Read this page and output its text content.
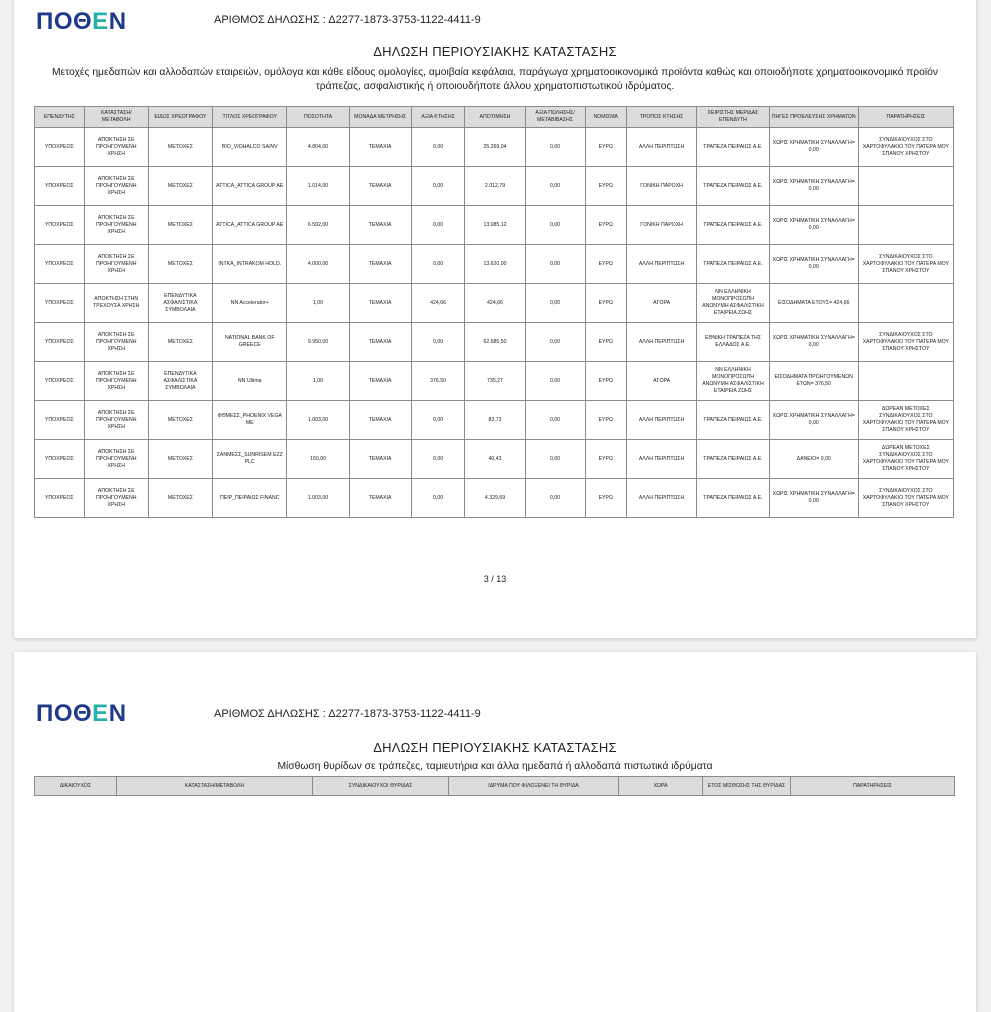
ΠΟΘΕΝ	ΑΡΙΘΜΟΣ ΔΗΛΩΣΗΣ : Δ2277-1873-3753-1122-4411-9
ΔΗΛΩΣΗ ΠΕΡΙΟΥΣΙΑΚΗΣ ΚΑΤΑΣΤΑΣΗΣ
Μετοχές ημεδαπών και αλλοδαπών εταιρειών, ομόλογα και κάθε είδους ομολογίες, αμοιβαία κεφάλαια, παράγωγα χρηματοοικονομικά προϊόντα καθώς και οποιοδήποτε χρηματοοικονομικό προϊόν τράπεζας, ασφαλιστικής ή οποιουδήποτε άλλου χρηματοπιστωτικού ιδρύματος.
ΕΠΕΝΔΥΤΗΣ	ΚΑΤΑΣΤΑΣΗ/ ΜΕΤΑΒΟΛΗ	ΕΙΔΟΣ ΧΡΕΟΓΡΑΦΟΥ	ΤΙΤΛΟΣ ΧΡΕΟΓΡΑΦΟΥ	ΠΟΣΟΤΗΤΑ	ΜΟΝΑΔΑ ΜΕΤΡΗΣΗΣ	ΑΞΙΑ ΚΤΗΣΗΣ	ΑΠΟΤΙΜΗΣΗ	ΑΞΙΑ ΠΩΛΗΣΗΣ/ ΜΕΤΑΒΙΒΑΣΗΣ	ΝΟΜΙΣΜΑ	ΤΡΟΠΟΣ ΚΤΗΣΗΣ	ΧΕΙΡΙΣΤΗΣ ΜΕΡΙΔΑΣ ΕΠΕΝΔΥΤΗ	ΠΗΓΕΣ ΠΡΟΕΛΕΥΣΗΣ ΧΡΗΜΑΤΩΝ	ΠΑΡΑΤΗΡΗΣΕΙΣ
ΥΠΟΧΡΕΟΣ	ΑΠΟΚΤΗΣΗ ΣΕ ΠΡΟΗΓΟΥΜΕΝΗ ΧΡΗΣΗ	ΜΕΤΟΧΕΣ	ΒΙΟ_VIOHALCO SA/NV	4.804,00	ΤΕΜΑΧΙΑ	0,00	25.269,04	0,00	ΕΥΡΩ	ΑΛΛΗ ΠΕΡΙΠΤΩΣΗ	ΤΡΑΠΕΖΑ ΠΕΙΡΑΙΩΣ Α.Ε.	ΧΩΡΙΣ ΧΡΗΜΑΤΙΚΗ ΣΥΝΑΛΛΑΓΗ= 0,00	ΣΥΝΔΙΚΑΙΟΥΧΟΣ ΣΤΟ ΧΑΡΤΟΦΥΛΑΚΙΟ ΤΟΥ ΠΑΤΕΡΑ ΜΟΥ ΣΠΑΝΟΥ ΧΡΗΣΤΟΥ
ΥΠΟΧΡΕΟΣ	ΑΠΟΚΤΗΣΗ ΣΕ ΠΡΟΗΓΟΥΜΕΝΗ ΧΡΗΣΗ	ΜΕΤΟΧΕΣ	ATTICA_ATTICA GROUP AE	1.014,00	ΤΕΜΑΧΙΑ	0,00	2.012,79	0,00	ΕΥΡΩ	ΓΟΝΙΚΗ ΠΑΡΟΧΗ	ΤΡΑΠΕΖΑ ΠΕΙΡΑΙΩΣ Α.Ε.	ΧΩΡΙΣ ΧΡΗΜΑΤΙΚΗ ΣΥΝΑΛΛΑΓΗ= 0,00	
ΥΠΟΧΡΕΟΣ	ΑΠΟΚΤΗΣΗ ΣΕ ΠΡΟΗΓΟΥΜΕΝΗ ΧΡΗΣΗ	ΜΕΤΟΧΕΣ	ATTICA_ATTICA GROUP AE	6.592,00	ΤΕΜΑΧΙΑ	0,00	13.085,12	0,00	ΕΥΡΩ	ΓΟΝΙΚΗ ΠΑΡΟΧΗ	ΤΡΑΠΕΖΑ ΠΕΙΡΑΙΩΣ Α.Ε.	ΧΩΡΙΣ ΧΡΗΜΑΤΙΚΗ ΣΥΝΑΛΛΑΓΗ= 0,00	
ΥΠΟΧΡΕΟΣ	ΑΠΟΚΤΗΣΗ ΣΕ ΠΡΟΗΓΟΥΜΕΝΗ ΧΡΗΣΗ	ΜΕΤΟΧΕΣ	INTKA_INTRAKOM HOLD.	4.000,00	ΤΕΜΑΧΙΑ	0,00	13.620,00	0,00	ΕΥΡΩ	ΑΛΛΗ ΠΕΡΙΠΤΩΣΗ	ΤΡΑΠΕΖΑ ΠΕΙΡΑΙΩΣ Α.Ε.	ΧΩΡΙΣ ΧΡΗΜΑΤΙΚΗ ΣΥΝΑΛΛΑΓΗ= 0,00	ΣΥΝΔΙΚΑΙΟΥΧΟΣ ΣΤΟ ΧΑΡΤΟΦΥΛΑΚΙΟ ΤΟΥ ΠΑΤΕΡΑ ΜΟΥ ΣΠΑΝΟΥ ΧΡΗΣΤΟΥ
ΥΠΟΧΡΕΟΣ	ΑΠΟΚΤΗΣΗ ΣΤΗΝ ΤΡΕΧΟΥΣΑ ΧΡΗΣΗ	ΕΠΕΝΔΥΤΙΚΑ ΑΣΦΑΛΙΣΤΙΚΑ ΣΥΜΒΟΛΑΙΑ	NN Accelerator+	1,00	ΤΕΜΑΧΙΑ	424,66	424,66	0,00	ΕΥΡΩ	ΑΓΟΡΑ	NN ΕΛΛΗΝΙΚΗ ΜΟΝΟΠΡΟΣΩΠΗ ΑΝΩΝΥΜΗ ΑΣΦΑΛΙΣΤΙΚΗ ΕΤΑΙΡΕΙΑ ΖΩΗΣ	ΕΙΣΟΔΗΜΑΤΑ ΕΤΟΥΣ= 424,66	
ΥΠΟΧΡΕΟΣ	ΑΠΟΚΤΗΣΗ ΣΕ ΠΡΟΗΓΟΥΜΕΝΗ ΧΡΗΣΗ	ΜΕΤΟΧΕΣ	NATIONAL BANK OF GREECE	9.950,00	ΤΕΜΑΧΙΑ	0,00	62.685,50	0,00	ΕΥΡΩ	ΑΛΛΗ ΠΕΡΙΠΤΩΣΗ	ΕΘΝΙΚΗ ΤΡΑΠΕΖΑ ΤΗΣ ΕΛΛΑΔΟΣ Α.Ε.	ΧΩΡΙΣ ΧΡΗΜΑΤΙΚΗ ΣΥΝΑΛΛΑΓΗ= 0,00	ΣΥΝΔΙΚΑΙΟΥΧΟΣ ΣΤΟ ΧΑΡΤΟΦΥΛΑΚΙΟ ΤΟΥ ΠΑΤΕΡΑ ΜΟΥ ΣΠΑΝΟΥ ΧΡΗΣΤΟΥ
ΥΠΟΧΡΕΟΣ	ΑΠΟΚΤΗΣΗ ΣΕ ΠΡΟΗΓΟΥΜΕΝΗ ΧΡΗΣΗ	ΕΠΕΝΔΥΤΙΚΑ ΑΣΦΑΛΙΣΤΙΚΑ ΣΥΜΒΟΛΑΙΑ	NN Ultima	1,00	ΤΕΜΑΧΙΑ	376,50	735,27	0,00	ΕΥΡΩ	ΑΓΟΡΑ	NN ΕΛΛΗΝΙΚΗ ΜΟΝΟΠΡΟΣΩΠΗ ΑΝΩΝΥΜΗ ΑΣΦΑΛΙΣΤΙΚΗ ΕΤΑΙΡΕΙΑ ΖΩΗΣ	ΕΙΣΟΔΗΜΑΤΑ ΠΡΟΗΓΟΥΜΕΝΩΝ ΕΤΩΝ= 376,50	
ΥΠΟΧΡΕΟΣ	ΑΠΟΚΤΗΣΗ ΣΕ ΠΡΟΗΓΟΥΜΕΝΗ ΧΡΗΣΗ	ΜΕΤΟΧΕΣ	ΦΘΜΕΣΣ_PHOENIX VEGA ME	1.003,00	ΤΕΜΑΧΙΑ	0,00	83,73	0,00	ΕΥΡΩ	ΑΛΛΗ ΠΕΡΙΠΤΩΣΗ	ΤΡΑΠΕΖΑ ΠΕΙΡΑΙΩΣ Α.Ε.	ΧΩΡΙΣ ΧΡΗΜΑΤΙΚΗ ΣΥΝΑΛΛΑΓΗ= 0,00	ΔΩΡΕΑΝ ΜΕΤΟΧΕΣ ΣΥΝΔΙΚΑΙΟΥΧΟΣ ΣΤΟ ΧΑΡΤΟΦΥΛΑΚΙΟ ΤΟΥ ΠΑΤΕΡΑ ΜΟΥ ΣΠΑΝΟΥ ΧΡΗΣΤΟΥ
ΥΠΟΧΡΕΟΣ	ΑΠΟΚΤΗΣΗ ΣΕ ΠΡΟΗΓΟΥΜΕΝΗ ΧΡΗΣΗ	ΜΕΤΟΧΕΣ	ΣΑΝΜΕΣΣ_SUNRISEM EZZ PLC	150,00	ΤΕΜΑΧΙΑ	0,00	40,43	0,00	ΕΥΡΩ	ΑΛΛΗ ΠΕΡΙΠΤΩΣΗ	ΤΡΑΠΕΖΑ ΠΕΙΡΑΙΩΣ Α.Ε.	ΔΑΝΕΙΟ= 0,00	ΔΩΡΕΑΝ ΜΕΤΟΧΕΣ ΣΥΝΔΙΚΑΙΟΥΧΟΣ ΣΤΟ ΧΑΡΤΟΦΥΛΑΚΙΟ ΤΟΥ ΠΑΤΕΡΑ ΜΟΥ ΣΠΑΝΟΥ ΧΡΗΣΤΟΥ
ΥΠΟΧΡΕΟΣ	ΑΠΟΚΤΗΣΗ ΣΕ ΠΡΟΗΓΟΥΜΕΝΗ ΧΡΗΣΗ	ΜΕΤΟΧΕΣ	ΠΕΙΡ_ΠΕΙΡΑΙΩΣ FINANC	1.003,00	ΤΕΜΑΧΙΑ	0,00	4.329,69	0,00	ΕΥΡΩ	ΑΛΛΗ ΠΕΡΙΠΤΩΣΗ	ΤΡΑΠΕΖΑ ΠΕΙΡΑΙΩΣ Α.Ε.	ΧΩΡΙΣ ΧΡΗΜΑΤΙΚΗ ΣΥΝΑΛΛΑΓΗ= 0,00	ΣΥΝΔΙΚΑΙΟΥΧΟΣ ΣΤΟ ΧΑΡΤΟΦΥΛΑΚΙΟ ΤΟΥ ΠΑΤΕΡΑ ΜΟΥ ΣΠΑΝΟΥ ΧΡΗΣΤΟΥ
3 / 13
ΠΟΘΕΝ	ΑΡΙΘΜΟΣ ΔΗΛΩΣΗΣ : Δ2277-1873-3753-1122-4411-9
ΔΗΛΩΣΗ ΠΕΡΙΟΥΣΙΑΚΗΣ ΚΑΤΑΣΤΑΣΗΣ
Μίσθωση θυρίδων σε τράπεζες, ταμιευτήρια και άλλα ημεδαπά ή αλλοδαπά πιστωτικά ιδρύματα
ΔΙΚΑΙΟΥΧΟΣ	ΚΑΤΑΣΤΑΣΗ/ΜΕΤΑΒΟΛΗ	ΣΥΝΔΙΚΑΙΟΥΧΟΙ ΘΥΡΙΔΑΣ	ΙΔΡΥΜΑ ΠΟΥ ΦΙΛΟΞΕΝΕΙ ΤΗ ΘΥΡΙΔΑ	ΧΩΡΑ	ΕΤΟΣ ΜΙΣΘΩΣΗΣ ΤΗΣ ΘΥΡΙΔΑΣ	ΠΑΡΑΤΗΡΗΣΕΙΣ
